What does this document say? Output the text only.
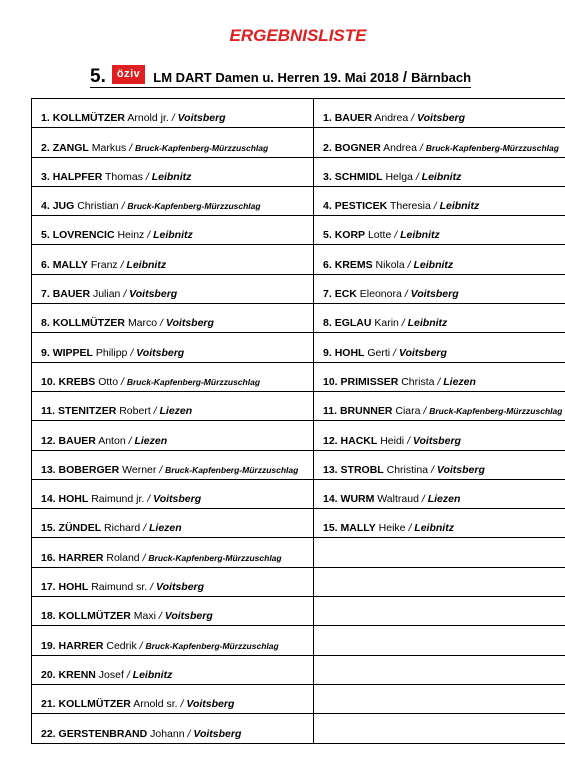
ERGEBNISLISTE
5 .	öziv	LM DART Damen u. Herren 19. Mai 2018 / Bärnbach
1. KOLLMÜTZER Arnold jr. / Voitsberg	1. BAUER Andrea / Voitsberg
2. ZANGL Markus / Bruck-Kapfenberg-Mürzzuschlag	2. BOGNER Andrea / Bruck-Kapfenberg-Mürzzuschlag
3. HALPFER Thomas / Leibnitz	3. SCHMIDL Helga / Leibnitz
4. JUG Christian / Bruck-Kapfenberg-Mürzzuschlag	4. PESTICEK Theresia / Leibnitz
5. LOVRENCIC Heinz / Leibnitz	5. KORP Lotte / Leibnitz
6. MALLY Franz / Leibnitz	6. KREMS Nikola / Leibnitz
7. BAUER Julian / Voitsberg	7. ECK Eleonora / Voitsberg
8. KOLLMÜTZER Marco / Voitsberg	8. EGLAU Karin / Leibnitz
9. WIPPEL Philipp / Voitsberg	9. HOHL Gerti / Voitsberg
10. KREBS Otto / Bruck-Kapfenberg-Mürzzuschlag	10. PRIMISSER Christa / Liezen
11. STENITZER Robert / Liezen	11. BRUNNER Ciara / Bruck-Kapfenberg-Mürzzuschlag
12. BAUER Anton / Liezen	12. HACKL Heidi / Voitsberg
13. BOBERGER Werner / Bruck-Kapfenberg-Mürzzuschlag	13. STROBL Christina / Voitsberg
14. HOHL Raimund jr. / Voitsberg	14. WURM Waltraud / Liezen
15. ZÜNDEL Richard / Liezen	15. MALLY Heike / Leibnitz
16. HARRER Roland / Bruck-Kapfenberg-Mürzzuschlag	
17. HOHL Raimund sr. / Voitsberg	
18. KOLLMÜTZER Maxi / Voitsberg	
19. HARRER Cedrik / Bruck-Kapfenberg-Mürzzuschlag	
20. KRENN Josef / Leibnitz	
21. KOLLMÜTZER Arnold sr. / Voitsberg	
22. GERSTENBRAND Johann / Voitsberg	
